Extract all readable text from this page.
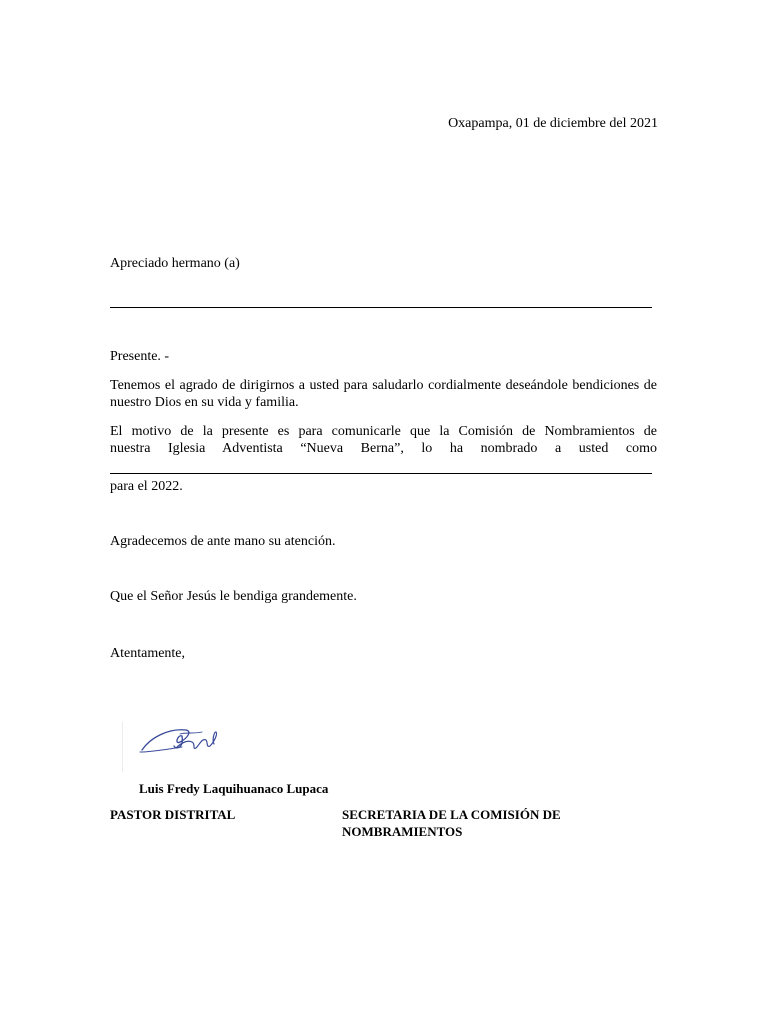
Oxapampa, 01 de diciembre del 2021
Apreciado hermano (a)
Presente. -
Tenemos el agrado de dirigirnos a usted para saludarlo cordialmente deseándole bendiciones de nuestro Dios en su vida y familia.
El motivo de la presente es para comunicarle que la Comisión de Nombramientos de
nuestra Iglesia Adventista “Nueva Berna”, lo ha nombrado a usted como
para el 2022.
Agradecemos de ante mano su atención.
Que el Señor Jesús le bendiga grandemente.
Atentamente,
Luis Fredy Laquihuanaco Lupaca
PASTOR DISTRITAL	SECRETARIA DE LA COMISIÓN DE
NOMBRAMIENTOS
